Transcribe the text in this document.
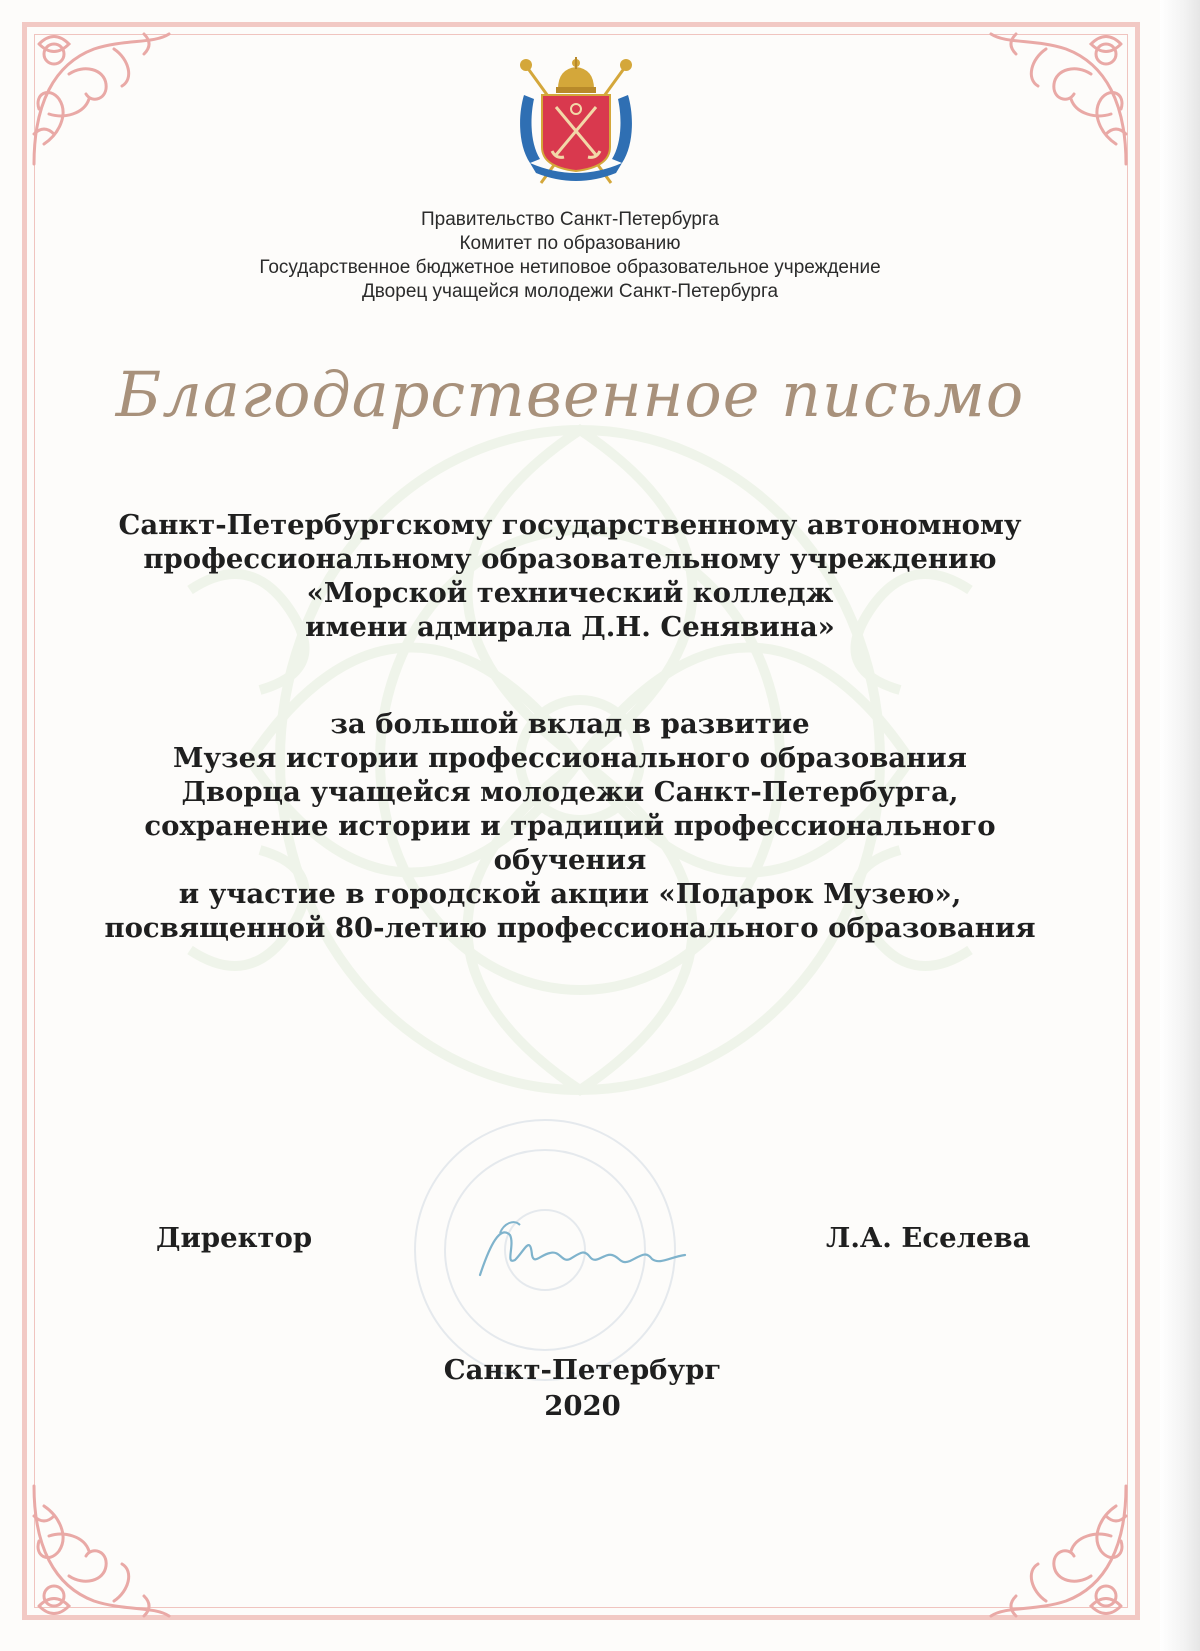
Правительство Санкт-Петербурга
Комитет по образованию
Государственное бюджетное нетиповое образовательное учреждение
Дворец учащейся молодежи Санкт-Петербурга
Благодарственное письмо
Санкт-Петербургскому государственному автономному
профессиональному образовательному учреждению
«Морской технический колледж
имени адмирала Д.Н. Сенявина»
за большой вклад в развитие
Музея истории профессионального образования
Дворца учащейся молодежи Санкт-Петербурга,
сохранение истории и традиций профессионального
обучения
и участие в городской акции «Подарок Музею»,
посвященной 80-летию профессионального образования
Директор	Л.А. Еселева
Санкт-Петербург
2020
